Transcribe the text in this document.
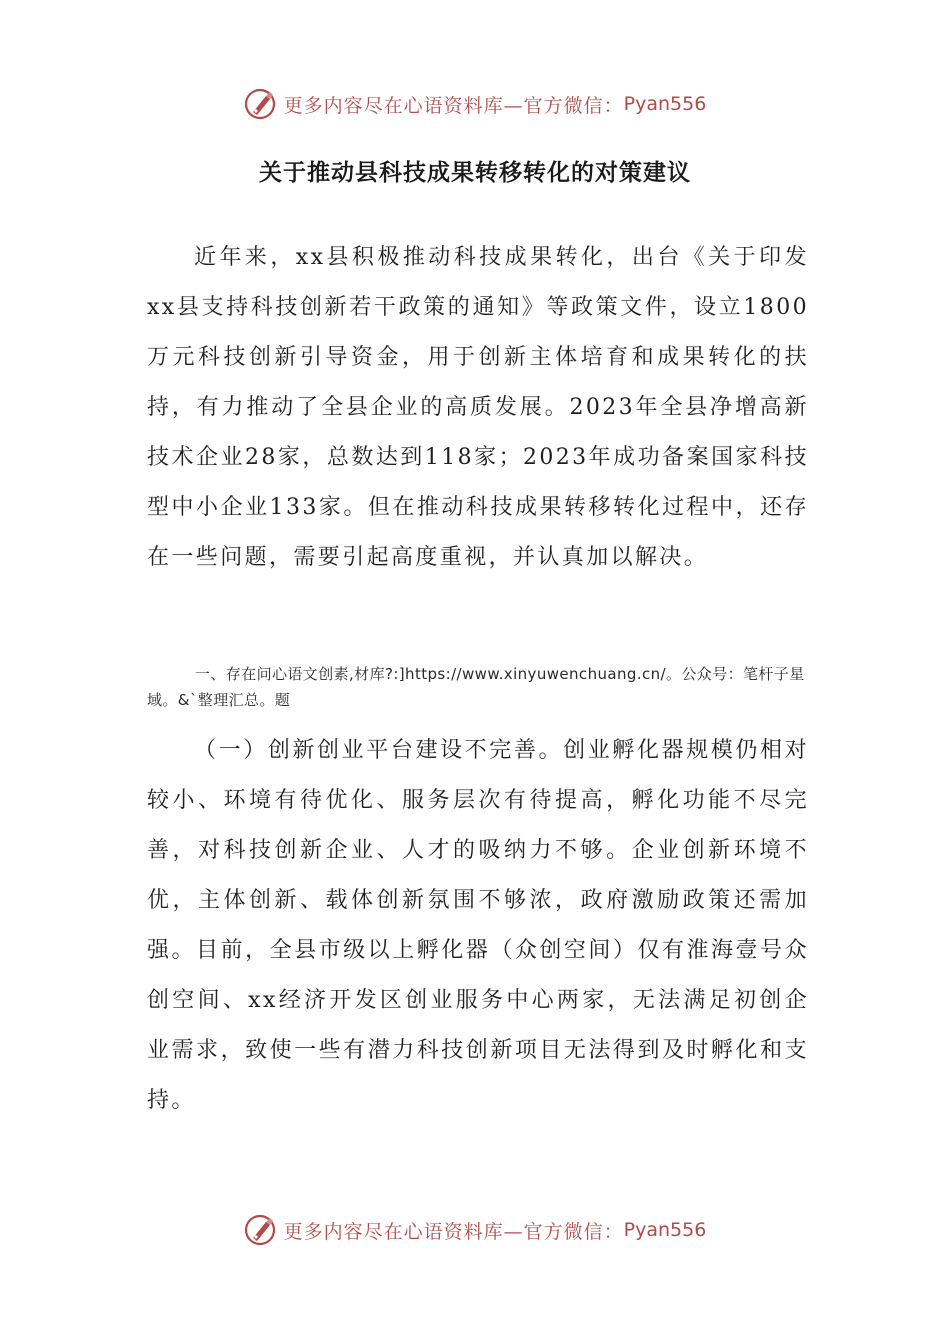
更多内容尽在心语资料库—官方微信： Pyan556
关于推动县科技成果转移转化的对策建议

近年来，xx县积极推动科技成果转化，出台《关于印发xx县支持科技创新若干政策的通知》等政策文件，设立1800万元科技创新引导资金，用于创新主体培育和成果转化的扶持，有力推动了全县企业的高质发展。2023年全县净增高新技术企业28家，总数达到118家；2023年成功备案国家科技型中小企业133家。但在推动科技成果转移转化过程中，还存在一些问题，需要引起高度重视，并认真加以解决。

一、存在问心语文创素,材库?:]https://www.xinyuwenchuang.cn/。公众号：笔杆子星域。&`整理汇总。题

（一）创新创业平台建设不完善。创业孵化器规模仍相对较小、环境有待优化、服务层次有待提高，孵化功能不尽完善，对科技创新企业、人才的吸纳力不够。企业创新环境不优，主体创新、载体创新氛围不够浓，政府激励政策还需加强。目前，全县市级以上孵化器（众创空间）仅有淮海壹号众创空间、xx经济开发区创业服务中心两家，无法满足初创企业需求，致使一些有潜力科技创新项目无法得到及时孵化和支持。

更多内容尽在心语资料库—官方微信： Pyan556
